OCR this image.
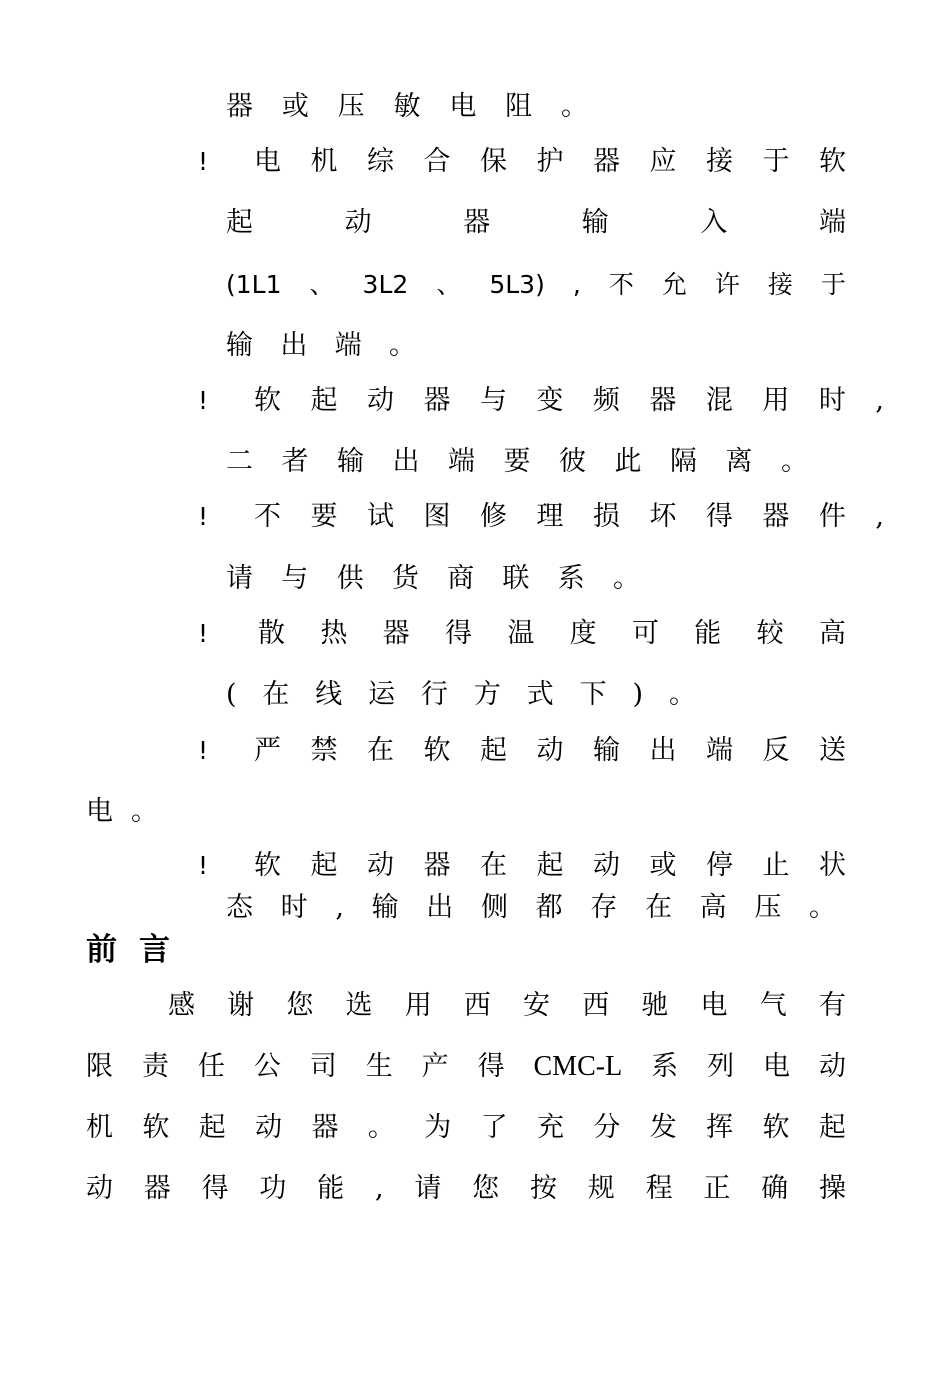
器 或 压 敏 电 阻 。
!	电 机 综 合 保 护 器 应 接 于 软
起	动	器	输	入	端
(1L1 、 3L2 、 5L3) , 不 允 许 接 于
输 出 端 。
!	软 起 动 器 与 变 频 器 混 用 时 ,
二 者 输 出 端 要 彼 此 隔 离 。
!	不 要 试 图 修 理 损 坏 得 器 件 ,
请 与 供 货 商 联 系 。
!	散 热 器 得 温 度 可 能 较 高
( 在 线 运 行 方 式 下 ) 。
!	严 禁 在 软 起 动 输 出 端 反 送
电 。
!	软 起 动 器 在 起 动 或 停 止 状
态 时 , 输 出 侧 都 存 在 高 压 。
前言
感 谢 您 选 用 西 安 西 驰 电 气 有
限 责 任 公 司 生 产 得 CMC-L 系 列 电 动
机 软 起 动 器 。 为 了 充 分 发 挥 软 起
动 器 得 功 能 , 请 您 按 规 程 正 确 操
